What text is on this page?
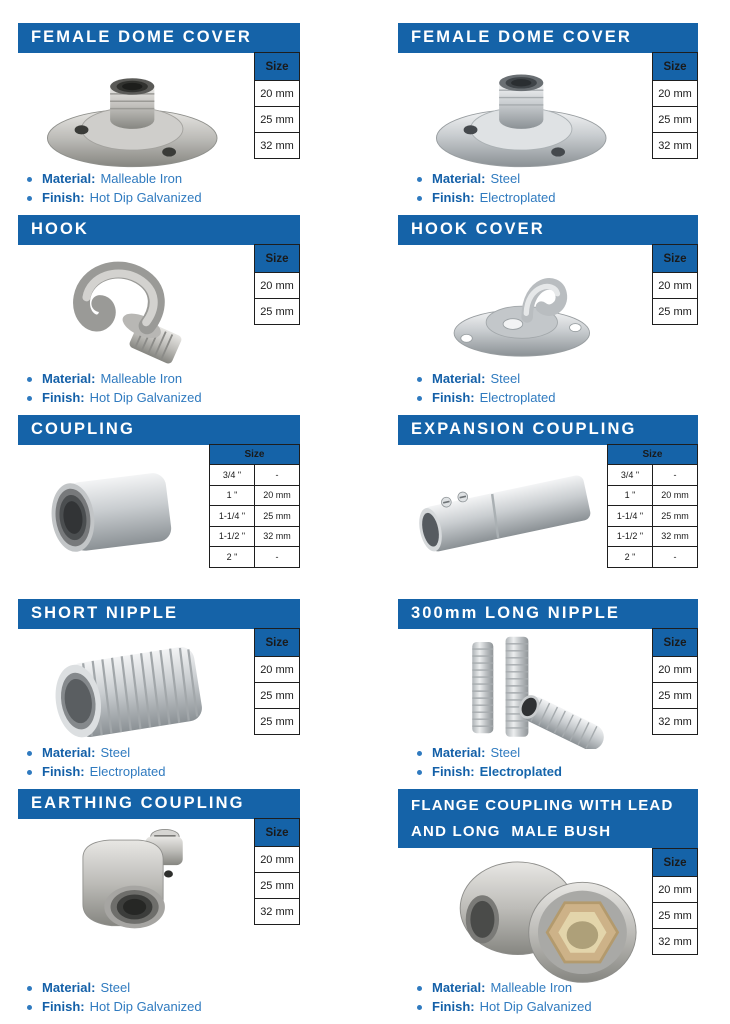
FEMALE DOME COVER
Size
20 mm
25 mm
32 mm
Material: Malleable Iron
Finish: Hot Dip Galvanized
FEMALE DOME COVER
Size
20 mm
25 mm
32 mm
Material: Steel
Finish: Electroplated
HOOK
Size
20 mm
25 mm
Material: Malleable Iron
Finish: Hot Dip Galvanized
HOOK COVER
Size
20 mm
25 mm
Material: Steel
Finish: Electroplated
COUPLING
Size	
3/4 "	-
1 "	20 mm
1-1/4 "	25 mm
1-1/2 "	32 mm
2 "	-
EXPANSION COUPLING
Size	
3/4 "	-
1 "	20 mm
1-1/4 "	25 mm
1-1/2 "	32 mm
2 "	-
SHORT NIPPLE
Size
20 mm
25 mm
25 mm
Material: Steel
Finish: Electroplated
300mm LONG NIPPLE
Size
20 mm
25 mm
32 mm
Material: Steel
Finish: Electroplated
EARTHING COUPLING
Size
20 mm
25 mm
32 mm
Material: Steel
Finish: Hot Dip Galvanized
FLANGE COUPLING WITH LEAD
AND LONG  MALE BUSH
Size
20 mm
25 mm
32 mm
Material: Malleable Iron
Finish: Hot Dip Galvanized
